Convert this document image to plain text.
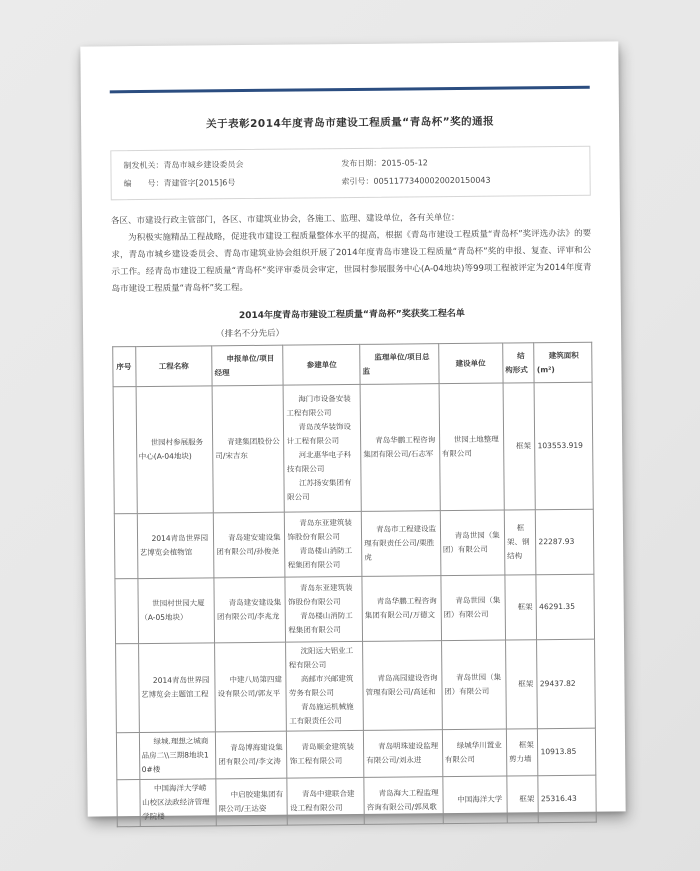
关于表彰2014年度青岛市建设工程质量“青岛杯”奖的通报
制发机关：青岛市城乡建设委员会	发布日期：2015-05-12
编　　号：青建管字[2015]6号	索引号：00511773400020020150043

各区、市建设行政主管部门，各区、市建筑业协会，各施工、监理、建设单位，各有关单位：

为积极实施精品工程战略，促进我市建设工程质量整体水平的提高，根据《青岛市建设工程质量“青岛杯”奖评选办法》的要求，青岛市城乡建设委员会、青岛市建筑业协会组织开展了2014年度青岛市建设工程质量“青岛杯”奖的申报、复查、评审和公示工作。经青岛市建设工程质量“青岛杯”奖评审委员会审定，世园村参展服务中心(A-04地块)等99项工程被评定为2014年度青岛市建设工程质量“青岛杯”奖工程。

2014年度青岛市建设工程质量“青岛杯”奖获奖工程名单
（排名不分先后）

序号	工程名称	申报单位/项目经理	参建单位	监理单位/项目总监	建设单位	结构形式	建筑面积(m²)

	世园村参展服务中心(A-04地块)	青建集团股份公司/宋吉东	海门市设备安装工程有限公司

青岛茂华装饰设计工程有限公司

河北惠华电子科技有限公司

江苏扬安集团有限公司	青岛华鹏工程咨询集团有限公司/石志军	世园土地整理有限公司	框架	103553.919

	2014青岛世界园艺博览会植物馆	青岛建安建设集团有限公司/孙俊尧	青岛东亚建筑装饰股份有限公司

青岛楼山消防工程集团有限公司	青岛市工程建设监理有限责任公司/栗胜虎	青岛世园（集团）有限公司	框架、钢结构	22287.93

	世园村世园大厦（A-05地块）	青岛建安建设集团有限公司/李兆龙	青岛东亚建筑装饰股份有限公司

青岛楼山消防工程集团有限公司	青岛华鹏工程咨询集团有限公司/万德文	青岛世园（集团）有限公司	框架	46291.35

	2014青岛世界园艺博览会主题馆工程	中建八局第四建设有限公司/郭友平	沈阳远大铝业工程有限公司

高邮市兴邮建筑劳务有限公司

青岛施运机械施工有限责任公司	青岛高园建设咨询管理有限公司/高延和	青岛世园（集团）有限公司	框架	29437.82

	绿城.理想之城商品房二\\三期8地块10#楼	青岛博海建设集团有限公司/李文涛	青岛顺金建筑装饰工程有限公司	青岛明珠建设监理有限公司/刘永进	绿城华川置业有限公司	框架剪力墙	10913.85

	中国海洋大学崂山校区法政经济管理学院楼	中启胶建集团有限公司/王达姿	青岛中建联合建设工程有限公司	青岛海大工程监理咨询有限公司/郭凤歌	中国海洋大学	框架	25316.43
